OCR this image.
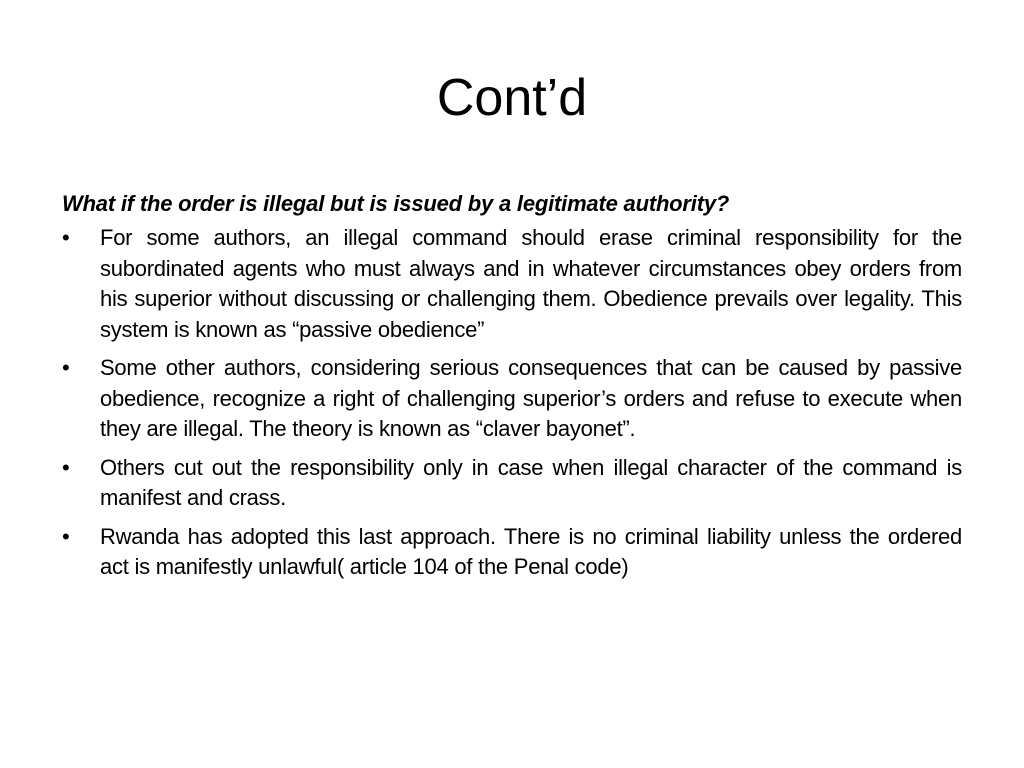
Cont’d

What if the order is illegal but is issued by a legitimate authority?

•	For some authors, an illegal command should erase criminal responsibility for the subordinated agents who must always and in whatever circumstances obey orders from his superior without discussing or challenging them. Obedience prevails over legality. This system is known as “passive obedience”
•	Some other authors, considering serious consequences that can be caused by passive obedience, recognize a right of challenging superior’s orders and refuse to execute when they are illegal. The theory is known as “claver bayonet”.
•	Others cut out the responsibility only in case when illegal character of the command is manifest and crass.
•	Rwanda has adopted this last approach. There is no criminal liability unless the ordered act is manifestly unlawful( article 104 of the Penal code)
